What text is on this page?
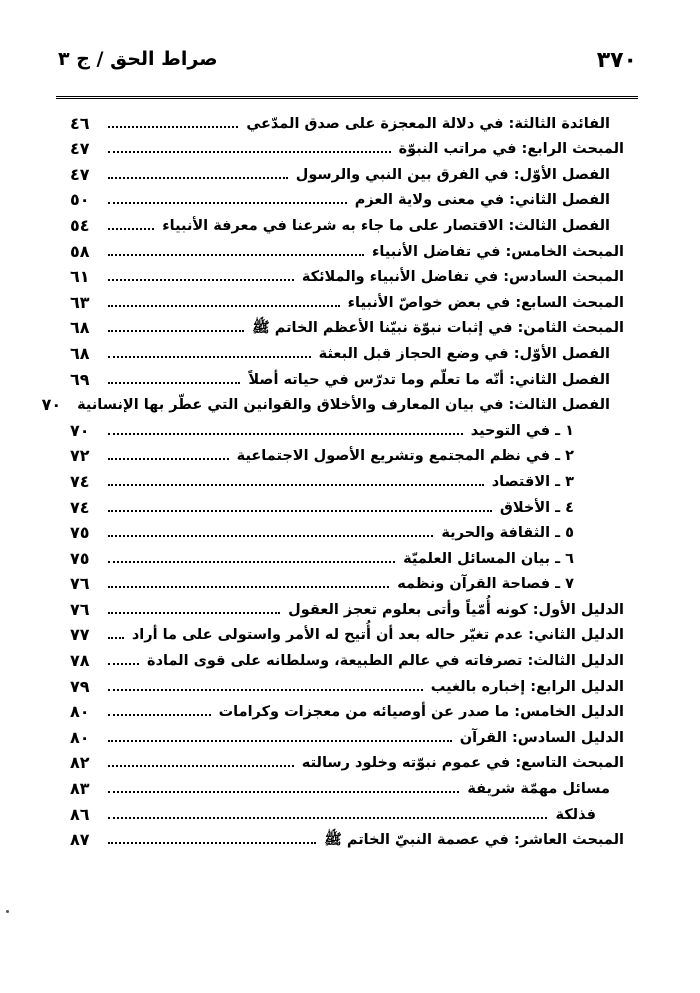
٣٧٠
صراط الحق / ج ٣
الفائدة الثالثة: في دلالة المعجزة على صدق المدّعي
٤٦
المبحث الرابع: في مراتب النبوّة
٤٧
الفصل الأوّل: في الفرق بين النبي والرسول
٤٧
الفصل الثاني: في معنى ولاية العزم
٥٠
الفصل الثالث: الاقتصار على ما جاء به شرعنا في معرفة الأنبياء
٥٤
المبحث الخامس: في تفاضل الأنبياء
٥٨
المبحث السادس: في تفاضل الأنبياء والملائكة
٦١
المبحث السابع: في بعض خواصّ الأنبياء
٦٣
المبحث الثامن: في إثبات نبوّة نبيّنا الأعظم الخاتم ﷺ
٦٨
الفصل الأوّل: في وضع الحجاز قبل البعثة
٦٨
الفصل الثاني: أنّه ما تعلّم وما تدرّس في حياته أصلاً
٦٩
الفصل الثالث: في بيان المعارف والأخلاق والقوانين التي عطّر بها الإنسانية
٧٠
١ ـ في التوحيد
٧٠
٢ ـ في نظم المجتمع وتشريع الأصول الاجتماعية
٧٢
٣ ـ الاقتصاد
٧٤
٤ ـ الأخلاق
٧٤
٥ ـ الثقافة والحرية
٧٥
٦ ـ بيان المسائل العلميّة
٧٥
٧ ـ فصاحة القرآن ونظمه
٧٦
الدليل الأول: كونه أُمّياً وأتى بعلوم تعجز العقول
٧٦
الدليل الثاني: عدم تغيّر حاله بعد أن أُتيح له الأمر واستولى على ما أراد
٧٧
الدليل الثالث: تصرفاته في عالم الطبيعة، وسلطانه على قوى المادة
٧٨
الدليل الرابع: إخباره بالغيب
٧٩
الدليل الخامس: ما صدر عن أوصيائه من معجزات وكرامات
٨٠
الدليل السادس: القرآن
٨٠
المبحث التاسع: في عموم نبوّته وخلود رسالته
٨٢
مسائل مهمّة شريفة
٨٣
فذلكة
٨٦
المبحث العاشر: في عصمة النبيّ الخاتم ﷺ
٨٧
